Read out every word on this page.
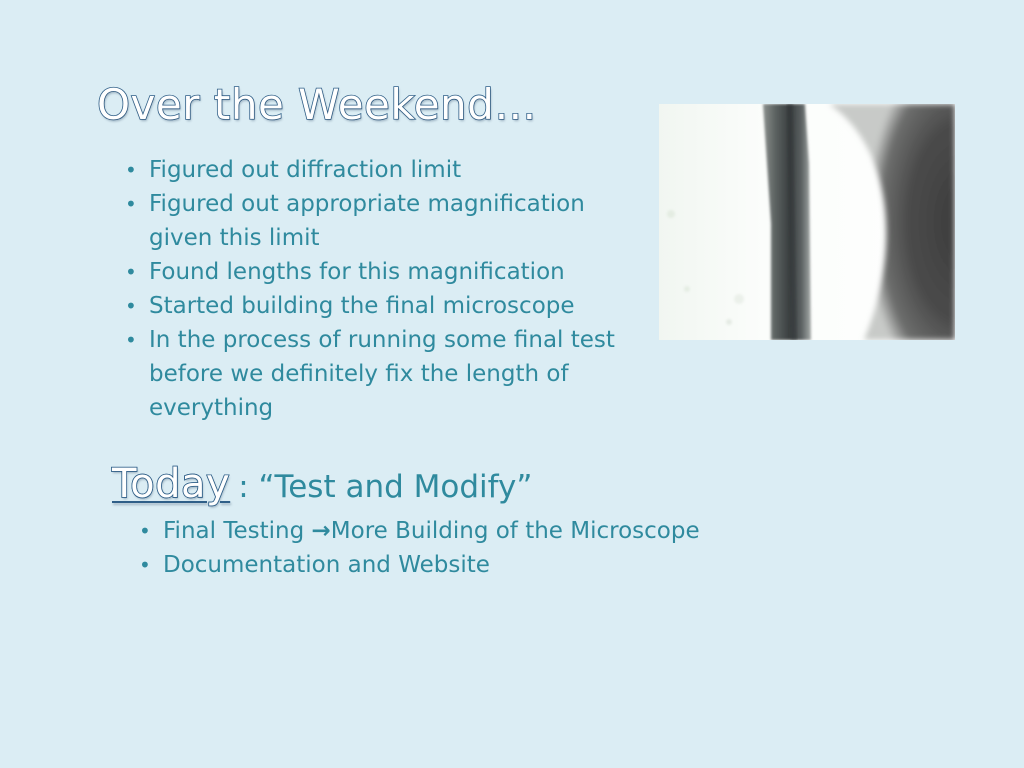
Over the Weekend…
• Figured out diffraction limit
• Figured out appropriate magnification given this limit
• Found lengths for this magnification
• Started building the final microscope
• In the process of running some final test before we definitely fix the length of everything
Today : “Test and Modify”
• Final Testing →More Building of the Microscope
• Documentation and Website
